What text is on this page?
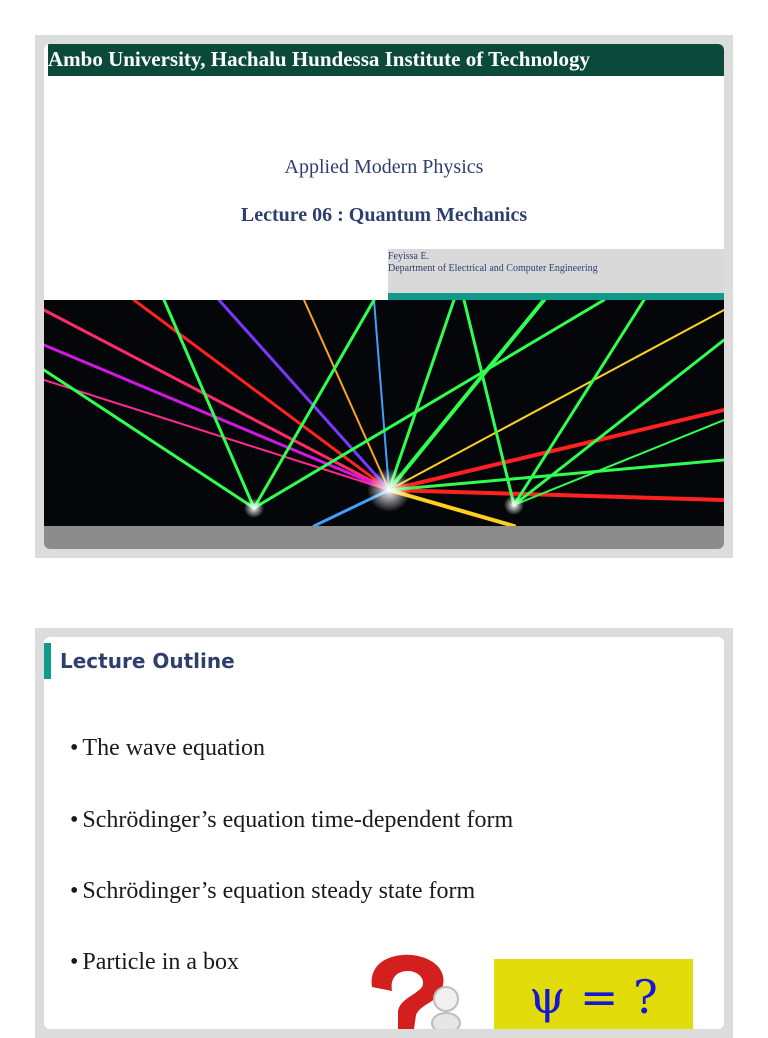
Ambo University, Hachalu Hundessa Institute of Technology
Applied Modern Physics
Lecture 06 : Quantum Mechanics
Feyissa E.
Department of Electrical and Computer Engineering
Lecture Outline
• The wave equation
• Schrödinger’s equation time-dependent form
• Schrödinger’s equation steady state form
• Particle in a box
ψ = ?
